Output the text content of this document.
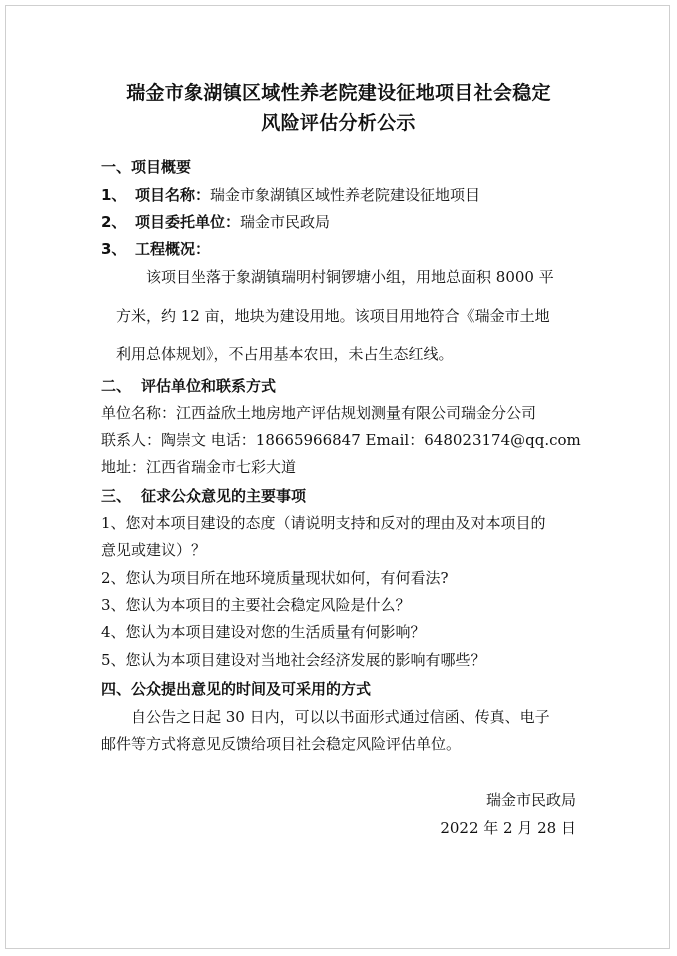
瑞金市象湖镇区域性养老院建设征地项目社会稳定
风险评估分析公示
一、项目概要
1、 项目名称：瑞金市象湖镇区域性养老院建设征地项目
2、 项目委托单位：瑞金市民政局
3、 工程概况：
该项目坐落于象湖镇瑞明村铜锣塘小组，用地总面积 8000 平
方米，约 12 亩，地块为建设用地。该项目用地符合《瑞金市土地
利用总体规划》，不占用基本农田，未占生态红线。
二、 评估单位和联系方式
单位名称：江西益欣土地房地产评估规划测量有限公司瑞金分公司
联系人：陶崇文 电话：18665966847 Email：648023174@qq.com
地址：江西省瑞金市七彩大道
三、 征求公众意见的主要事项
1、您对本项目建设的态度（请说明支持和反对的理由及对本项目的
意见或建议）？
2、您认为项目所在地环境质量现状如何，有何看法?
3、您认为本项目的主要社会稳定风险是什么？
4、您认为本项目建设对您的生活质量有何影响？
5、您认为本项目建设对当地社会经济发展的影响有哪些？
四、公众提出意见的时间及可采用的方式
自公告之日起 30 日内，可以以书面形式通过信函、传真、电子
邮件等方式将意见反馈给项目社会稳定风险评估单位。
瑞金市民政局
2022 年 2 月 28 日
